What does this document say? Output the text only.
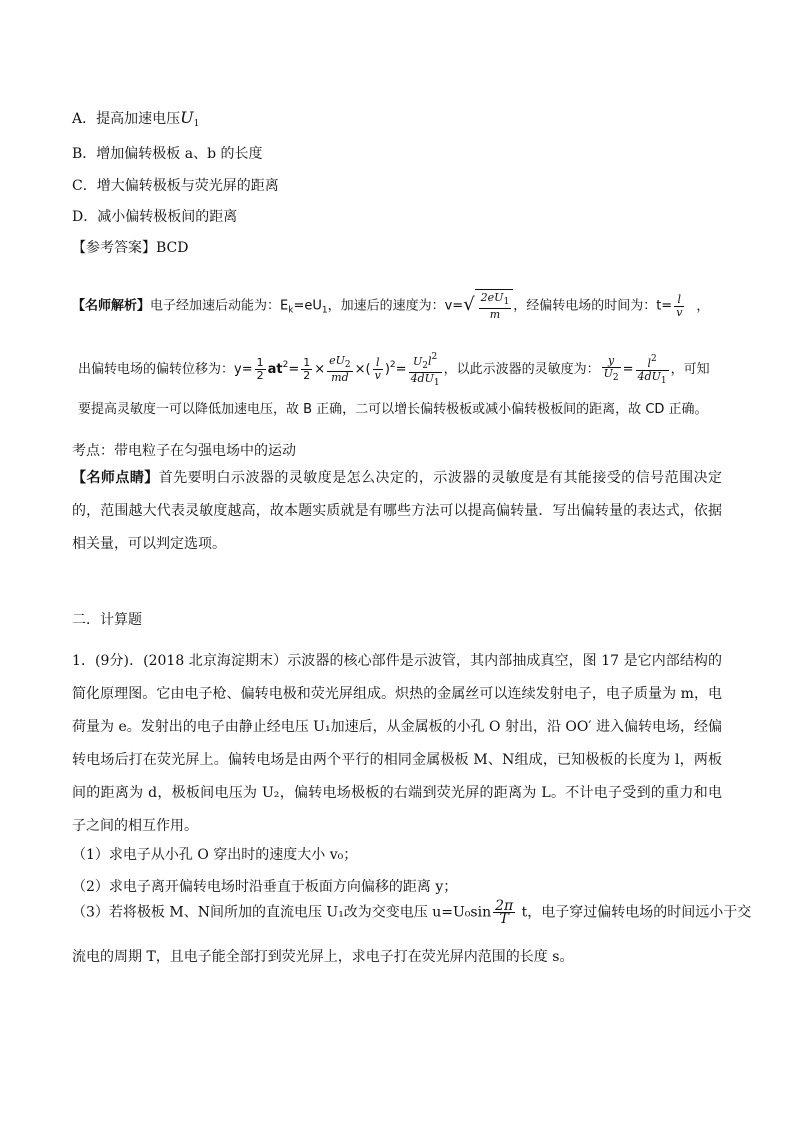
A．提高加速电压$U_1$
B．增加偏转极板 a、b 的长度
C．增大偏转极板与荧光屏的距离
D．减小偏转极板间的距离
【参考答案】BCD
【名师解析】电子经加速后动能为：$E_k=eU_1$，加速后的速度为：$v=√ \frac{2eU_1}{m}$ ，经偏转电场的时间为：$t= \frac{l}{v}$ ，
出偏转电场的偏转位移为：$y= \frac{1}{2} at^2= \frac{1}{2} \times \frac{eU_2}{md}$ ×( $\frac{l}{v} )^2= \frac{U_2l^2}{4dU_1}$ ，以此示波器的灵敏度为： $\frac{y}{U_2} = \frac{l^2}{4dU_1}$ ，可知
要提高灵敏度一可以降低加速电压，故 B 正确，二可以增长偏转极板或减小偏转极板间的距离，故 CD 正确。
考点：带电粒子在匀强电场中的运动
【名师点睛】首先要明白示波器的灵敏度是怎么决定的，示波器的灵敏度是有其能接受的信号范围决定的，范围越大代表灵敏度越高，故本题实质就是有哪些方法可以提高偏转量．写出偏转量的表达式，依据相关量，可以判定选项。
二．计算题
1．(9分)．(2018 北京海淀期末）示波器的核心部件是示波管，其内部抽成真空，图 17 是它内部结构的简化原理图。它由电子枪、偏转电极和荧光屏组成。炽热的金属丝可以连续发射电子，电子质量为 m，电荷量为 e。发射出的电子由静止经电压 U₁加速后，从金属板的小孔 O 射出，沿 OO′ 进入偏转电场，经偏转电场后打在荧光屏上。偏转电场是由两个平行的相同金属极板 M、N组成，已知极板的长度为 l，两板间的距离为 d，极板间电压为 U₂，偏转电场极板的右端到荧光屏的距离为 L。不计电子受到的重力和电子之间的相互作用。
（1）求电子从小孔 O 穿出时的速度大小 v₀；
（2）求电子离开偏转电场时沿垂直于板面方向偏移的距离 y；
（3）若将极板 M、N间所加的直流电压 U₁改为交变电压 $u=U_0\sin \frac{2\pi}{T}$ t，电子穿过偏转电场的时间远小于交
流电的周期 T，且电子能全部打到荧光屏上，求电子打在荧光屏内范围的长度 s。
